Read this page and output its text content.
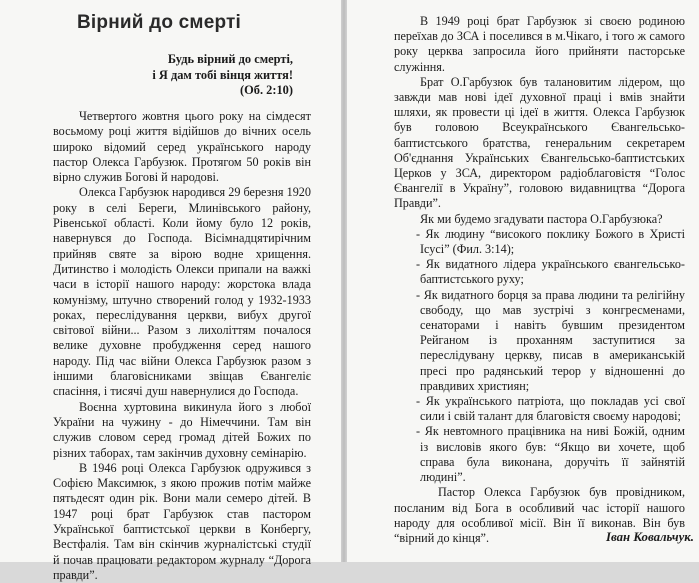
Вірний до смерті
Будь вірний до смерті,
і Я дам тобі вінця життя!
(Об. 2:10)

Четвертого жовтня цього року на сімдесят восьмому році життя відійшов до вічних осель широко відомий серед українського народу пастор Олекса Гарбузюк. Протягом 50 років він вірно служив Богові й народові.

Олекса Гарбузюк народився 29 березня 1920 року в селі Береги, Млинівського району, Рівенської області. Коли йому було 12 років, навернувся до Господа. Вісімнадцятирічним прийняв святе за вірою водне хрищення. Дитинство і молодість Олекси припали на важкі часи в історії нашого народу: жорстока влада комунізму, штучно створений голод у 1932-1933 роках, переслідування церкви, вибух другої світової війни... Разом з лихоліттям почалося велике духовне пробудження серед нашого народу. Під час війни Олекса Гарбузюк разом з іншими благовісниками звіщав Євангеліє спасіння, і тисячі душ навернулися до Господа.

Воєнна хуртовина викинула його з любої України на чужину - до Німеччини. Там він служив словом серед громад дітей Божих по різних таборах, там закінчив духовну семінарію.

В 1946 році Олекса Гарбузюк одружився з Софією Максимюк, з якою прожив потім майже пятьдесят один рік. Вони мали семеро дітей. В 1947 році брат Гарбузюк став пастором Української баптистської церкви в Конбергу, Вестфалія. Там він скінчив журналістські студії й почав працювати редактором журналу “Дорога правди”.

В 1949 році брат Гарбузюк зі своєю родиною переїхав до ЗСА і поселився в м.Чікаго, і того ж самого року церква запросила його прийняти пасторське служіння.

Брат О.Гарбузюк був талановитим лідером, що завжди мав нові ідеї духовної праці і вмів знайти шляхи, як провести ці ідеї в життя. Олекса Гарбузюк був головою Всеукраїнського Євангельсько-баптистського братства, генеральним секретарем Об'єднання Українських Євангельсько-баптистських Церков у ЗСА, директором радіоблаговістя “Голос Євангелії в Україну”, головою видавництва “Дорога Правди”.

Як ми будемо згадувати пастора О.Гарбузюка?

- Як людину “високого поклику Божого в Христі Ісусі” (Фил. 3:14);

- Як видатного лідера українського євангельсько-баптистського руху;

- Як видатного борця за права людини та релігійну свободу, що мав зустрічі з конгресменами, сенаторами і навіть бувшим президентом Рейганом із проханням заступитися за переслідувану церкву, писав в американській пресі про радянський терор у відношенні до правдивих християн;

- Як українського патріота, що покладав усі свої сили і свій талант для благовістя своєму народові;

- Як невтомного працівника на ниві Божій, одним із висловів якого був: “Якщо ви хочете, щоб справа була виконана, доручіть її зайнятій людині”.

Пастор Олекса Гарбузюк був провідником, посланим від Бога в особливий час історії нашого народу для особливої місії. Він її виконав. Він був “вірний до кінця”.	Іван Ковальчук.
